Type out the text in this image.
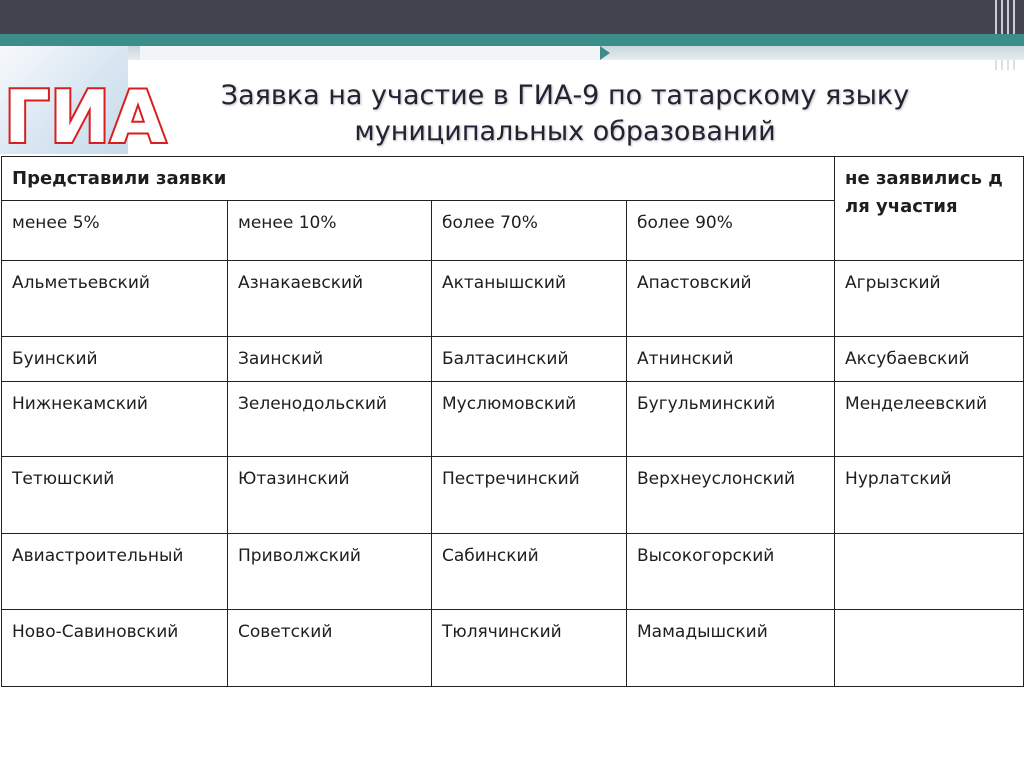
ГИА	Заявка на участие в ГИА-9 по татарскому языку
муниципальных образований
Представили заявки				не заявились для участия
менее 5%	менее 10%	более 70%	более 90%	
Альметьевский	Азнакаевский	Актанышский	Апастовский	Агрызский
Буинский	Заинский	Балтасинский	Атнинский	Аксубаевский
Нижнекамский	Зеленодольский	Муслюмовский	Бугульминский	Менделеевский
Тетюшский	Ютазинский	Пестречинский	Верхнеуслонский	Нурлатский
Авиастроительный	Приволжский	Сабинский	Высокогорский	
Ново-Савиновский	Советский	Тюлячинский	Мамадышский	
